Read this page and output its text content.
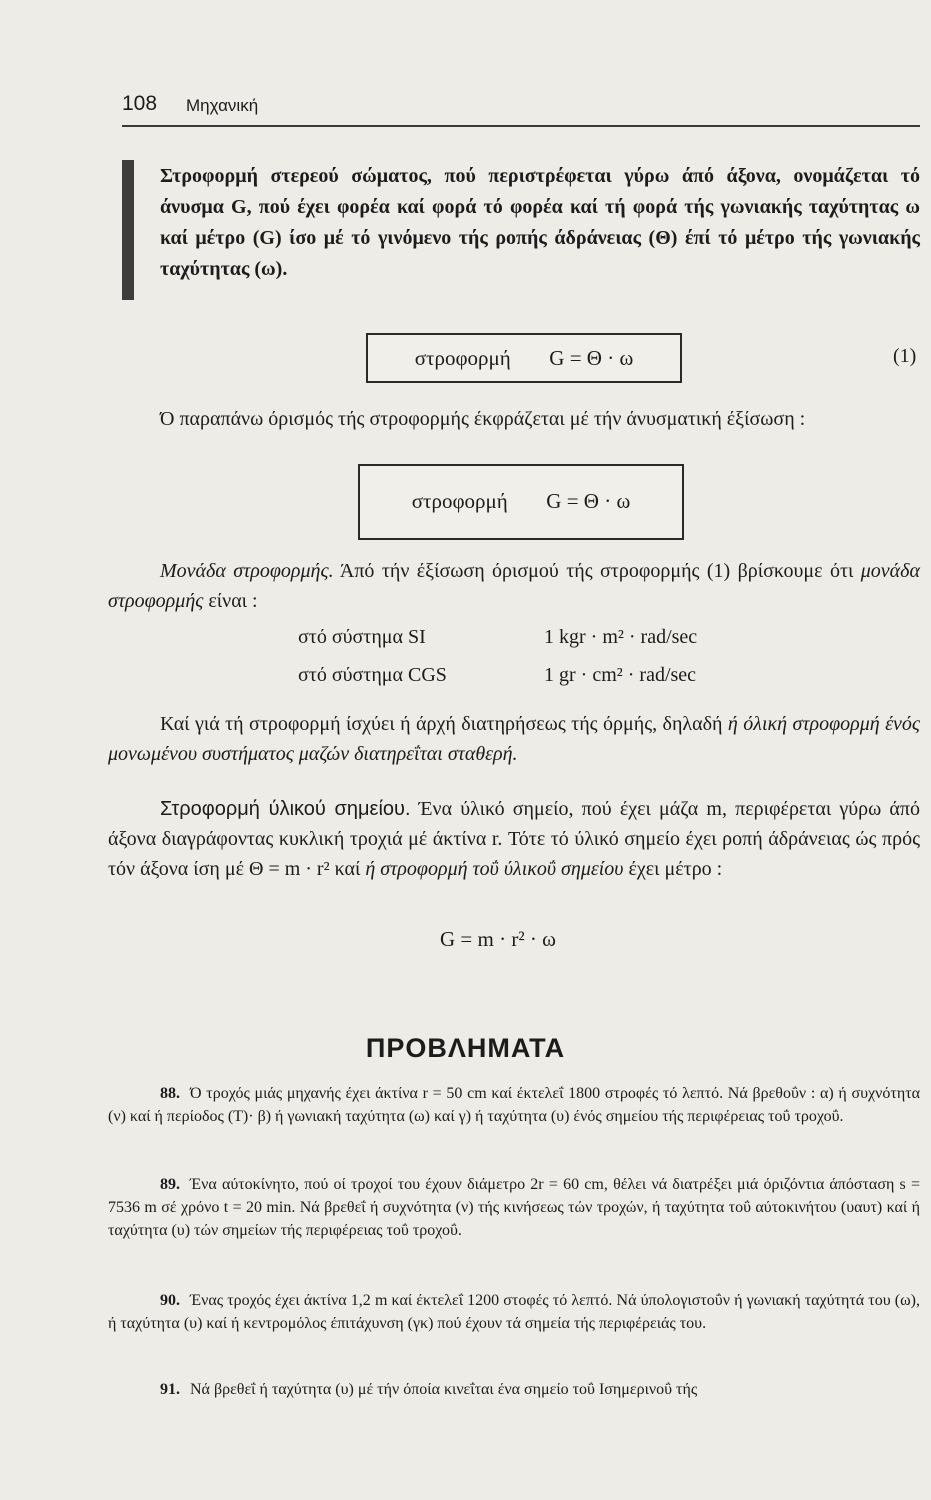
108 Μηχανική
Στροφορμή στερεού σώματος, πού περιστρέφεται γύρω άπό άξονα, ονομάζεται τό άνυσμα G, πού έχει φορέα καί φορά τό φορέα καί τή φορά τής γωνιακής ταχύτητας ω καί μέτρο (G) ίσο μέ τό γινόμενο τής ροπής άδράνειας (Θ) έπί τό μέτρο τής γωνιακής ταχύτητας (ω).
στροφορμή G = Θ · ω	(1)
Ό παραπάνω όρισμός τής στροφορμής έκφράζεται μέ τήν άνυσματική έξίσωση :
στροφορμή G = Θ · ω
Μονάδα στροφορμής. Άπό τήν έξίσωση όρισμού τής στροφορμής (1) βρίσκουμε ότι μονάδα στροφορμής είναι :
στό σύστημα SI	1 kgr · m² · rad/sec
στό σύστημα CGS	1 gr · cm² · rad/sec
Καί γιά τή στροφορμή ίσχύει ή άρχή διατηρήσεως τής όρμής, δηλαδή ή όλική στροφορμή ένός μονωμένου συστήματος μαζών διατηρεΐται σταθερή.
Στροφορμή ύλικού σημείου. Ένα ύλικό σημείο, πού έχει μάζα m, περιφέρεται γύρω άπό άξονα διαγράφοντας κυκλική τροχιά μέ άκτίνα r. Τότε τό ύλικό σημείο έχει ροπή άδράνειας ώς πρός τόν άξονα ίση μέ Θ = m · r² καί ή στροφορμή τοΰ ύλικοΰ σημείου έχει μέτρο :
G = m · r² · ω
ΠΡΟΒΛΗΜΑΤΑ
88. Ό τροχός μιάς μηχανής έχει άκτίνα r = 50 cm καί έκτελεΐ 1800 στροφές τό λεπτό. Νά βρεθοΰν : α) ή συχνότητα (ν) καί ή περίοδος (Τ)· β) ή γωνιακή ταχύτητα (ω) καί γ) ή ταχύτητα (υ) ένός σημείου τής περιφέρειας τοΰ τροχοΰ.
89. Ένα αύτοκίνητο, πού οί τροχοί του έχουν διάμετρο 2r = 60 cm, θέλει νά διατρέξει μιά όριζόντια άπόσταση s = 7536 m σέ χρόνο t = 20 min. Νά βρεθεΐ ή συχνότητα (ν) τής κινήσεως τών τροχών, ή ταχύτητα τοΰ αύτοκινήτου (υαυτ) καί ή ταχύτητα (υ) τών σημείων τής περιφέρειας τοΰ τροχοΰ.
90. Ένας τροχός έχει άκτίνα 1,2 m καί έκτελεΐ 1200 στοφές τό λεπτό. Νά ύπολογιστοΰν ή γωνιακή ταχύτητά του (ω), ή ταχύτητα (υ) καί ή κεντρομόλος έπιτάχυνση (γκ) πού έχουν τά σημεία τής περιφέρειάς του.
91. Νά βρεθεΐ ή ταχύτητα (υ) μέ τήν όποία κινεΐται ένα σημείο τοΰ Ισημερινοΰ τής
